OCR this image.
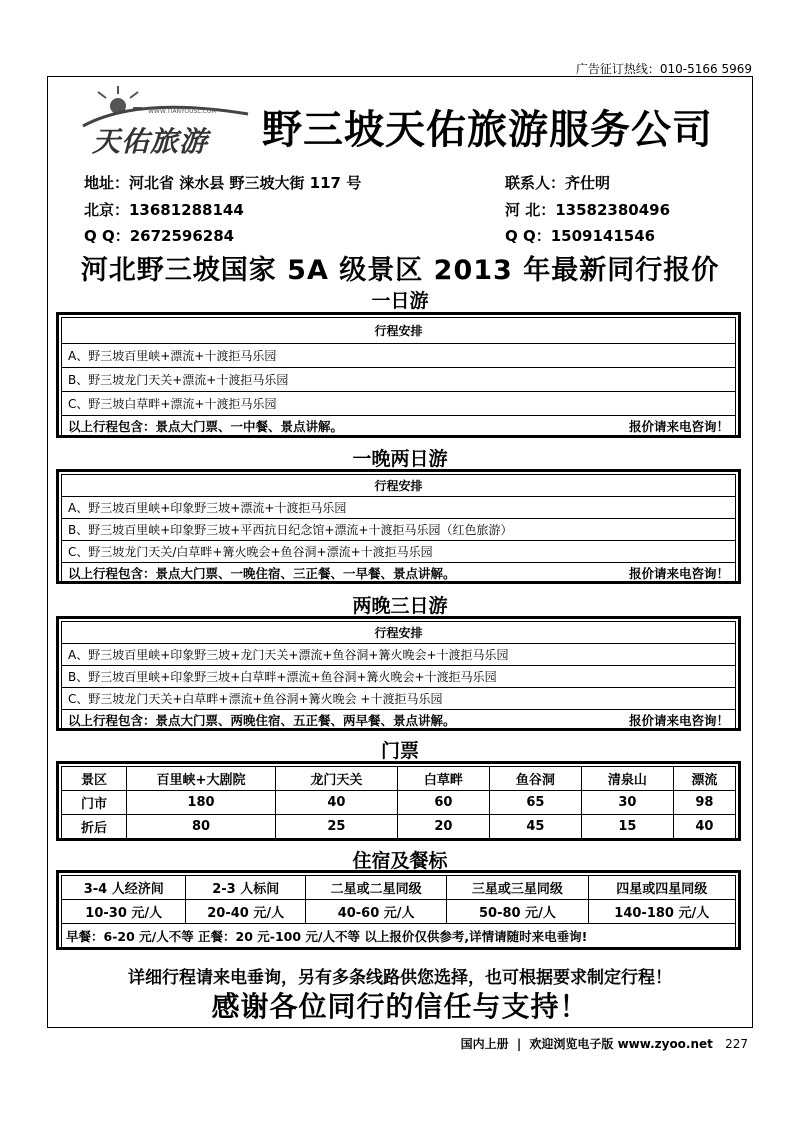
广告征订热线：010-5166 5969
WWW.TIANYOUSL.COM
天佑旅游 野三坡天佑旅游服务公司
地址：河北省 涞水县 野三坡大街 117 号
北京：13681288144
Q Q：2672596284
联系人：齐仕明
河 北：13582380496
Q Q：1509141546
河北野三坡国家 5A 级景区 2013 年最新同行报价
一日游
行程安排
A、野三坡百里峡+漂流+十渡拒马乐园
B、野三坡龙门天关+漂流+十渡拒马乐园
C、野三坡白草畔+漂流+十渡拒马乐园
以上行程包含：景点大门票、一中餐、景点讲解。	报价请来电咨询！
一晚两日游
行程安排
A、野三坡百里峡+印象野三坡+漂流+十渡拒马乐园
B、野三坡百里峡+印象野三坡+平西抗日纪念馆+漂流+十渡拒马乐园（红色旅游）
C、野三坡龙门天关/白草畔+篝火晚会+鱼谷洞+漂流+十渡拒马乐园
以上行程包含：景点大门票、一晚住宿、三正餐、一早餐、景点讲解。	报价请来电咨询！
两晚三日游
行程安排
A、野三坡百里峡+印象野三坡+龙门天关+漂流+鱼谷洞+篝火晚会+十渡拒马乐园
B、野三坡百里峡+印象野三坡+白草畔+漂流+鱼谷洞+篝火晚会+十渡拒马乐园
C、野三坡龙门天关+白草畔+漂流+鱼谷洞+篝火晚会 +十渡拒马乐园
以上行程包含：景点大门票、两晚住宿、五正餐、两早餐、景点讲解。	报价请来电咨询！
门票
景区	百里峡+大剧院	龙门天关	白草畔	鱼谷洞	清泉山	漂流
门市	180	40	60	65	30	98
折后	80	25	20	45	15	40
住宿及餐标
3-4 人经济间	2-3 人标间	二星或二星同级	三星或三星同级	四星或四星同级
10-30 元/人	20-40 元/人	40-60 元/人	50-80 元/人	140-180 元/人
早餐：6-20 元/人不等 正餐：20 元-100 元/人不等 以上报价仅供参考,详情请随时来电垂询!				
详细行程请来电垂询，另有多条线路供您选择，也可根据要求制定行程！
感谢各位同行的信任与支持！
国内上册 | 欢迎浏览电子版 www.zyoo.net 227
